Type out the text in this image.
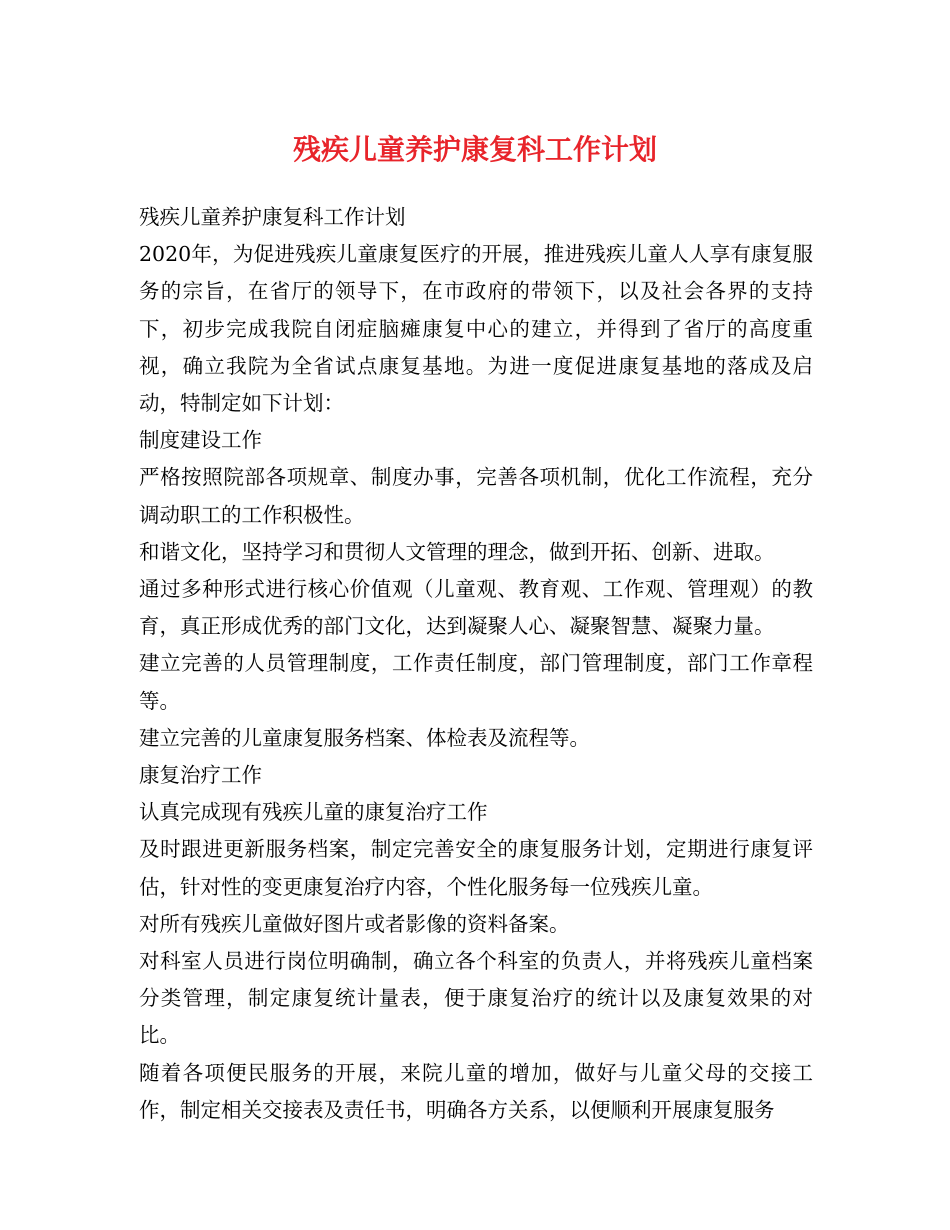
残疾儿童养护康复科工作计划

残疾儿童养护康复科工作计划

2020年，为促进残疾儿童康复医疗的开展，推进残疾儿童人人享有康复服务的宗旨，在省厅的领导下，在市政府的带领下，以及社会各界的支持下，初步完成我院自闭症脑瘫康复中心的建立，并得到了省厅的高度重视，确立我院为全省试点康复基地。为进一度促进康复基地的落成及启动，特制定如下计划：

制度建设工作

严格按照院部各项规章、制度办事，完善各项机制，优化工作流程，充分调动职工的工作积极性。

和谐文化，坚持学习和贯彻人文管理的理念，做到开拓、创新、进取。

通过多种形式进行核心价值观（儿童观、教育观、工作观、管理观）的教育，真正形成优秀的部门文化，达到凝聚人心、凝聚智慧、凝聚力量。

建立完善的人员管理制度，工作责任制度，部门管理制度，部门工作章程等。

建立完善的儿童康复服务档案、体检表及流程等。

康复治疗工作

认真完成现有残疾儿童的康复治疗工作

及时跟进更新服务档案，制定完善安全的康复服务计划，定期进行康复评估，针对性的变更康复治疗内容，个性化服务每一位残疾儿童。

对所有残疾儿童做好图片或者影像的资料备案。

对科室人员进行岗位明确制，确立各个科室的负责人，并将残疾儿童档案分类管理，制定康复统计量表，便于康复治疗的统计以及康复效果的对比。

随着各项便民服务的开展，来院儿童的增加，做好与儿童父母的交接工作，制定相关交接表及责任书，明确各方关系，以便顺利开展康复服务
